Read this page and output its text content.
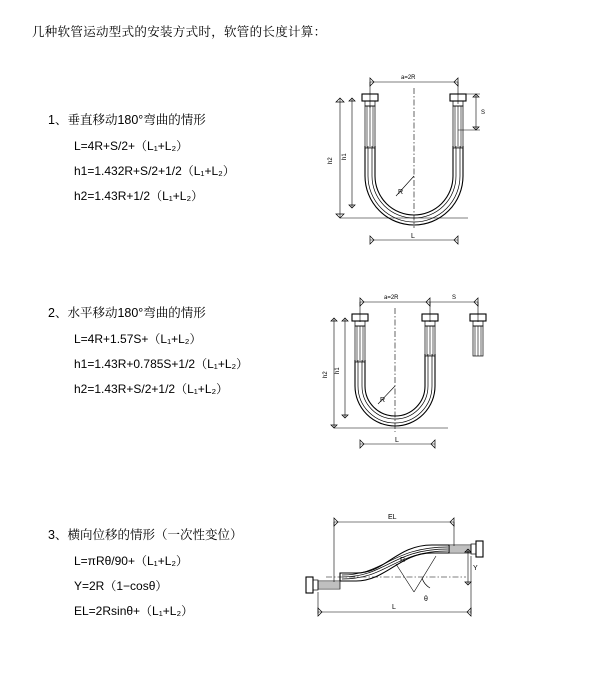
几种软管运动型式的安装方式时，软管的长度计算：
1、垂直移动180°弯曲的情形
L=4R+S/2+（L₁+L₂）
h1=1.432R+S/2+1/2（L₁+L₂）
h2=1.43R+1/2（L₁+L₂）
a=2R
R
h2
h1
S
L
2、水平移动180°弯曲的情形
L=4R+1.57S+（L₁+L₂）
h1=1.43R+0.785S+1/2（L₁+L₂）
h2=1.43R+S/2+1/2（L₁+L₂）
a=2R	S
R
h2
h1
L
3、横向位移的情形（一次性变位）
L=πRθ/90+（L₁+L₂）
Y=2R（1−cosθ）
EL=2Rsinθ+（L₁+L₂）
EL
θ
R
Y
L
